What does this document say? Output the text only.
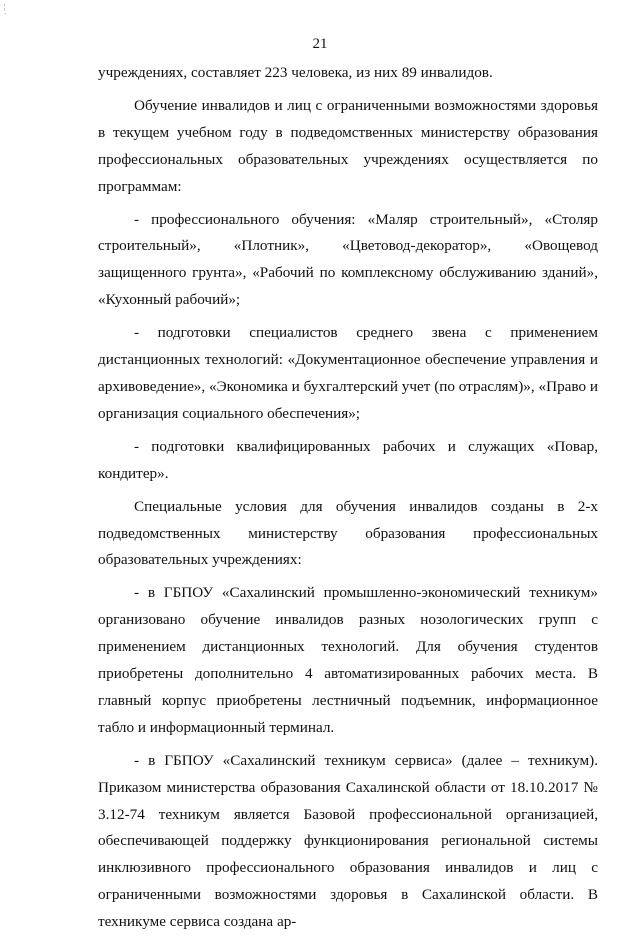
¦
·
21

учреждениях, составляет 223 человека, из них 89 инвалидов.

Обучение инвалидов и лиц с ограниченными возможностями здоровья в текущем учебном году в подведомственных министерству образования профессиональных образовательных учреждениях осуществляется по программам:

- профессионального обучения: «Маляр строительный», «Столяр строительный», «Плотник», «Цветовод-декоратор», «Овощевод защищенного грунта», «Рабочий по комплексному обслуживанию зданий», «Кухонный рабочий»;

- подготовки специалистов среднего звена с применением дистанционных технологий: «Документационное обеспечение управления и архивоведение», «Экономика и бухгалтерский учет (по отраслям)», «Право и организация социального обеспечения»;

- подготовки квалифицированных рабочих и служащих «Повар, кондитер».

Специальные условия для обучения инвалидов созданы в 2-х подведомственных министерству образования профессиональных образовательных учреждениях:

- в ГБПОУ «Сахалинский промышленно-экономический техникум» организовано обучение инвалидов разных нозологических групп с применением дистанционных технологий. Для обучения студентов приобретены дополнительно 4 автоматизированных рабочих места. В главный корпус приобретены лестничный подъемник, информационное табло и информационный терминал.

- в ГБПОУ «Сахалинский техникум сервиса» (далее – техникум). Приказом министерства образования Сахалинской области от 18.10.2017 № 3.12-74 техникум является Базовой профессиональной организацией, обеспечивающей поддержку функционирования региональной системы инклюзивного профессионального образования инвалидов и лиц с ограниченными возможностями здоровья в Сахалинской области. В техникуме сервиса создана ар-
